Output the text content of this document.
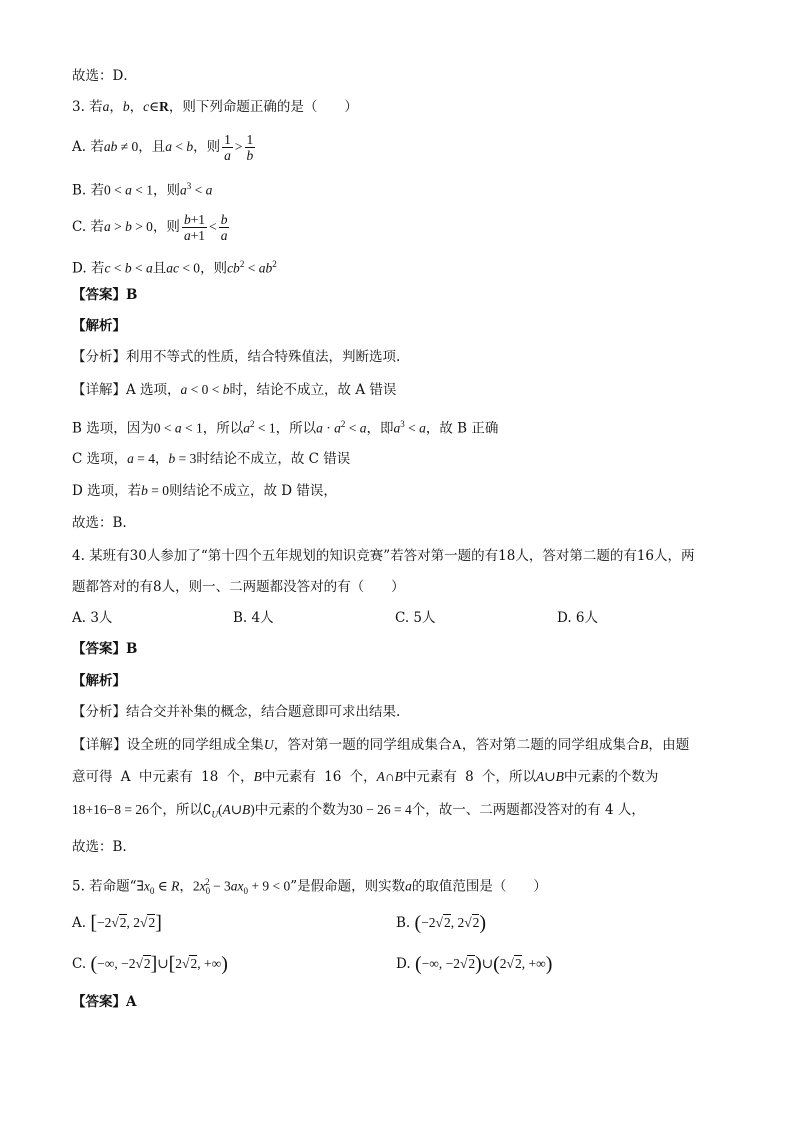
故选：D．
3. 若a，b，c∈R，则下列命题正确的是（　　）
A. 若ab ≠ 0，且a < b，则 $\frac{1}{a} > \frac{1}{b}$
B. 若0 < a < 1，则$a^3 < a$
C. 若a > b > 0，则 $\frac{b+1}{a+1} < \frac{b}{a}$
D. 若c < b < a且ac < 0，则$cb^2 < ab^2$
【答案】B
【解析】
【分析】利用不等式的性质，结合特殊值法，判断选项.
【详解】A 选项，a < 0 < b时，结论不成立，故 A 错误
B 选项，因为0 < a < 1，所以$a^2 < 1$，所以$a \cdot a^2 < a$，即$a^3 < a$，故 B 正确
C 选项，a = 4，b = 3时结论不成立，故 C 错误
D 选项，若b = 0则结论不成立，故 D 错误，
故选：B.
4. 某班有30人参加了“第十四个五年规划的知识竞赛”若答对第一题的有18人，答对第二题的有16人，两
题都答对的有8人，则一、二两题都没答对的有（　　）
A. 3人	B. 4人	C. 5人	D. 6人
【答案】B
【解析】
【分析】结合交并补集的概念，结合题意即可求出结果.
【详解】设全班的同学组成全集U，答对第一题的同学组成集合A，答对第二题的同学组成集合B，由题
意可得 A 中元素有 18 个，B中元素有 16 个，A∩B中元素有 8 个，所以A∪B中元素的个数为
18+16−8 = 26个，所以$∁_U(A\cup B)$中元素的个数为30 − 26 = 4个，故一、二两题都没答对的有 4 人，
故选：B.
5. 若命题“$\exists x_0$ ∈ R，$2x_0^2 - 3ax_0 + 9 < 0$”是假命题，则实数a的取值范围是（　　）
A. [−2√2, 2√2]	B. (−2√2, 2√2)
C. (−∞, −2√2]∪[2√2, +∞)	D. (−∞, −2√2)∪(2√2, +∞)
【答案】A
